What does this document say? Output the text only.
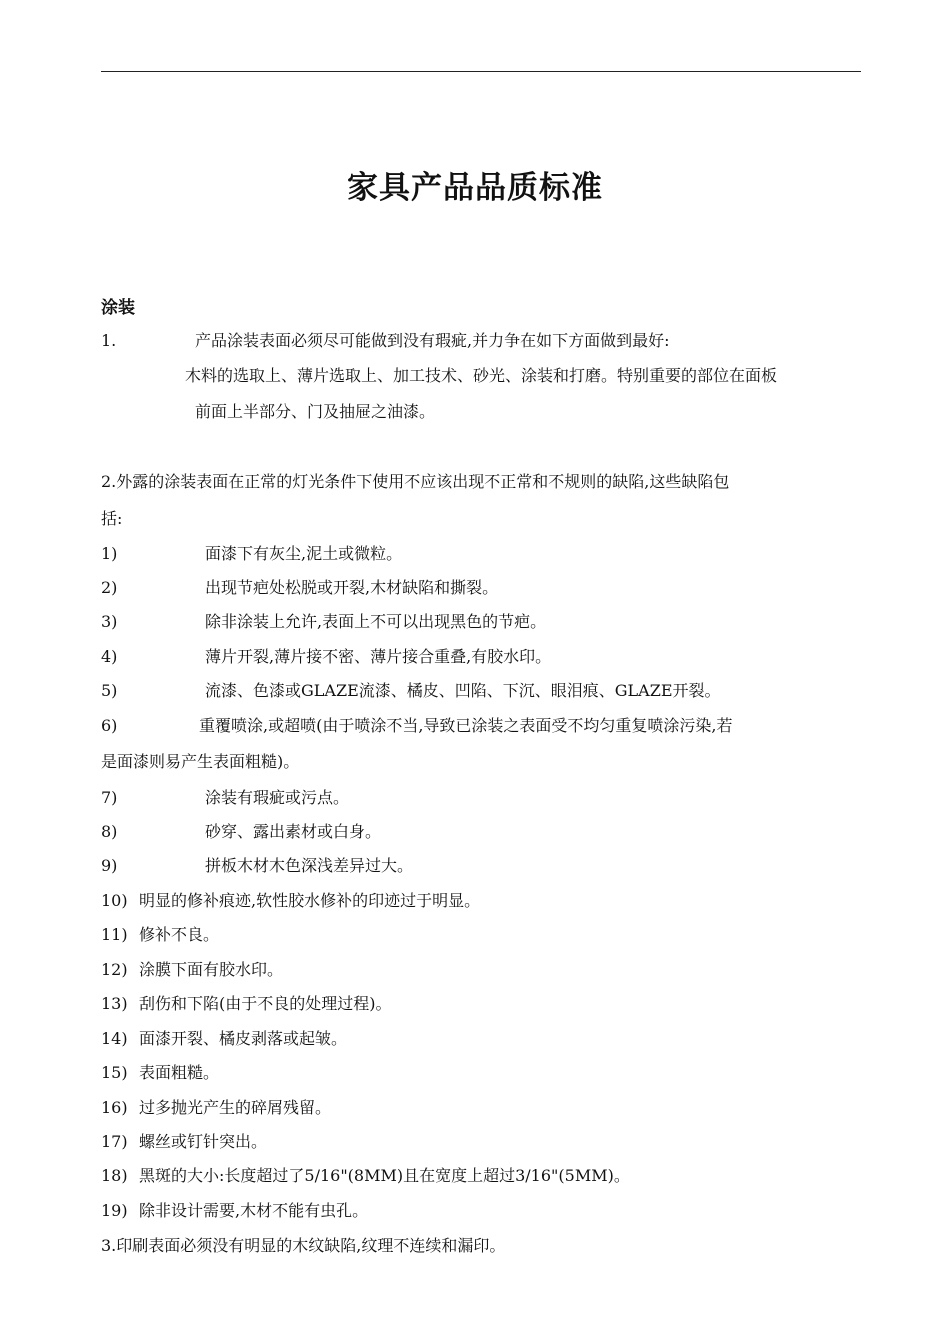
家具产品品质标准
涂装
1.	产品涂装表面必须尽可能做到没有瑕疵,并力争在如下方面做到最好:
木料的选取上、薄片选取上、加工技术、砂光、涂装和打磨。特别重要的部位在面板
前面上半部分、门及抽屉之油漆。
2.外露的涂装表面在正常的灯光条件下使用不应该出现不正常和不规则的缺陷,这些缺陷包
括:
1)	面漆下有灰尘,泥土或微粒。
2)	出现节疤处松脱或开裂,木材缺陷和撕裂。
3)	除非涂装上允许,表面上不可以出现黑色的节疤。
4)	薄片开裂,薄片接不密、薄片接合重叠,有胶水印。
5)	流漆、色漆或GLAZE流漆、橘皮、凹陷、下沉、眼泪痕、GLAZE开裂。
6)	重覆喷涂,或超喷(由于喷涂不当,导致已涂装之表面受不均匀重复喷涂污染,若
是面漆则易产生表面粗糙)。
7)	涂装有瑕疵或污点。
8)	砂穿、露出素材或白身。
9)	拼板木材木色深浅差异过大。
10) 明显的修补痕迹,软性胶水修补的印迹过于明显。
11) 修补不良。
12) 涂膜下面有胶水印。
13) 刮伤和下陷(由于不良的处理过程)。
14) 面漆开裂、橘皮剥落或起皱。
15) 表面粗糙。
16) 过多抛光产生的碎屑残留。
17) 螺丝或钉针突出。
18) 黑斑的大小:长度超过了5/16"(8MM)且在宽度上超过3/16"(5MM)。
19) 除非设计需要,木材不能有虫孔。
3.印刷表面必须没有明显的木纹缺陷,纹理不连续和漏印。
